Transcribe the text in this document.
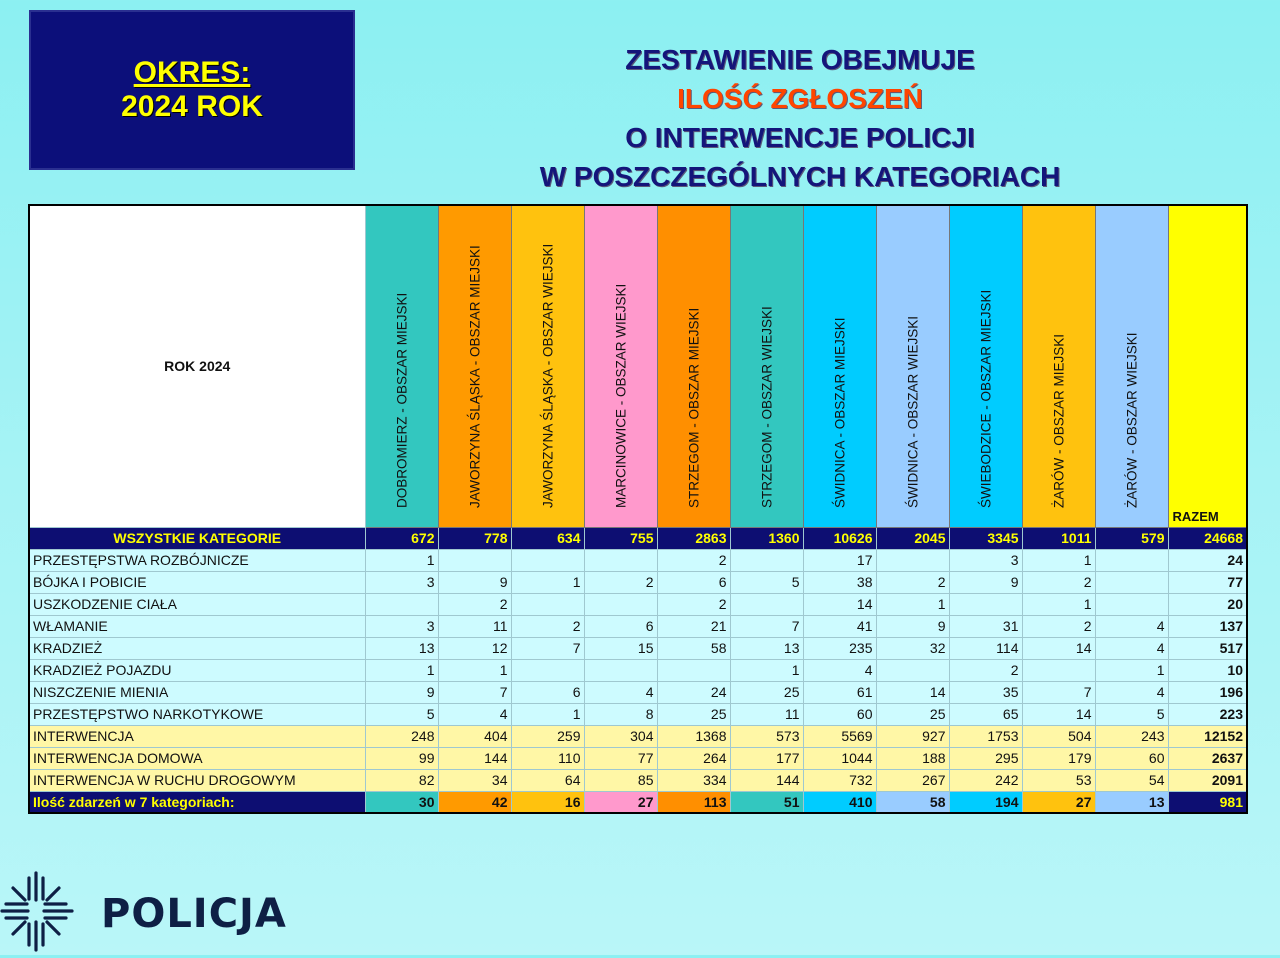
OKRES:
2024 ROK
ZESTAWIENIE OBEJMUJE
ILOŚĆ ZGŁOSZEŃ
O INTERWENCJE POLICJI
W POSZCZEGÓLNYCH KATEGORIACH
ROK 2024	DOBROMIERZ - OBSZAR MIEJSKI	JAWORZYNA ŚLĄSKA - OBSZAR MIEJSKI	JAWORZYNA ŚLĄSKA - OBSZAR WIEJSKI	MARCINOWICE - OBSZAR WIEJSKI	STRZEGOM - OBSZAR MIEJSKI	STRZEGOM - OBSZAR WIEJSKI	ŚWIDNICA - OBSZAR MIEJSKI	ŚWIDNICA - OBSZAR WIEJSKI	ŚWIEBODZICE - OBSZAR MIEJSKI	ŻARÓW - OBSZAR MIEJSKI	ŻARÓW - OBSZAR WIEJSKI	RAZEM

WSZYSTKIE KATEGORIE	672	778	634	755	2863	1360	10626	2045	3345	1011	579	24668
PRZESTĘPSTWA ROZBÓJNICZE	1				2		17		3	1		24
BÓJKA I POBICIE	3	9	1	2	6	5	38	2	9	2		77
USZKODZENIE CIAŁA		2			2		14	1		1		20
WŁAMANIE	3	11	2	6	21	7	41	9	31	2	4	137
KRADZIEŻ	13	12	7	15	58	13	235	32	114	14	4	517
KRADZIEŻ POJAZDU	1	1				1	4		2		1	10
NISZCZENIE MIENIA	9	7	6	4	24	25	61	14	35	7	4	196
PRZESTĘPSTWO NARKOTYKOWE	5	4	1	8	25	11	60	25	65	14	5	223
INTERWENCJA	248	404	259	304	1368	573	5569	927	1753	504	243	12152
INTERWENCJA DOMOWA	99	144	110	77	264	177	1044	188	295	179	60	2637
INTERWENCJA W RUCHU DROGOWYM	82	34	64	85	334	144	732	267	242	53	54	2091
Ilość zdarzeń w 7 kategoriach:	30	42	16	27	113	51	410	58	194	27	13	981
POLICJA
